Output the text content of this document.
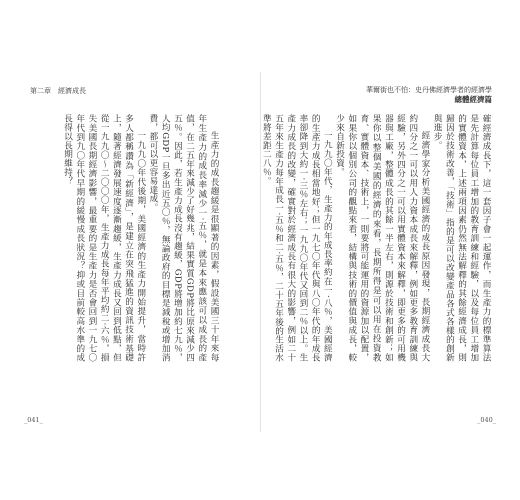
第二章　經濟成長

生產力的成長趨緩是很顯著的因素，假設美國三十年來每年生產力的成長率減少一‧五％，就是本來應該可以成長的產值，在二五年來減少了好幾兆，結果實質GDP將比原來減少四五％。因此，若生產力成長沒有趨緩，GDP將增加約七九％，人均GDP一旦多出近五〇％，無論政府的目標是減稅或增加消費，都可以更容易達成。

一九九〇年代後期，美國經濟的生產力開始提升，當時許多人都稱讚為「新經濟」，是建立在突飛猛進的資訊技術基礎上，隨著經濟發展速度逐漸趨緩，生產力成長又回到低點，但從一九九〇～二〇〇〇年，生產力成長每年平均約二‧六％，損失美國長期經濟影響，最重要的是生產力是否會回到一九七〇年代到九〇年代早期的緩慢成長狀況？抑或目前較高水準的成長得以長期維持？

_041_
華爾街也不怕：史丹佛經濟學者的經濟學
總體經濟篇

確經濟成長下，這一套因子會一起運作，而生產力的標準算法是先計算每位員工增加的教育訓練和經驗，以及每位員工增加的實體資本，上述兩項因素仍然無法解釋的其餘經濟成長，則歸因於技術改善，「技術」指的是可以改變產品各式各樣的創新與進步。

經濟學家分析美國經濟的成長原因發現，長期經濟成長大約四分之一可以用人力資本成長來解釋，例如更多教育訓練與經驗，另外四分之一可以用實體資本來解釋，即更多的可用機器與工廠，整體成長的其餘一半左右，則源於技術和創新；如果你以整個美國的經濟的來看，長期所得是可以用在投資教育、實體資本、技術上，一則要將可能運用的資源加以配置，如果你以個別公司的觀點來看，結構與技術的價值與成長，較少來自新投資。

一九九〇年代，生產力的年成長率約在一‧八％，美國經濟的生產力成長相當地好；但一九七〇年代與八〇年代的年成長率卻降到大約一‧三％左右；一九九〇年代又回到二％以上。生產力成長的改變，確實對於經濟成長有很大的影響，例如二十五年來生產力每年成長一‧五％和二‧五％，二十五年後的生活水準將差距二八％。

_040_
